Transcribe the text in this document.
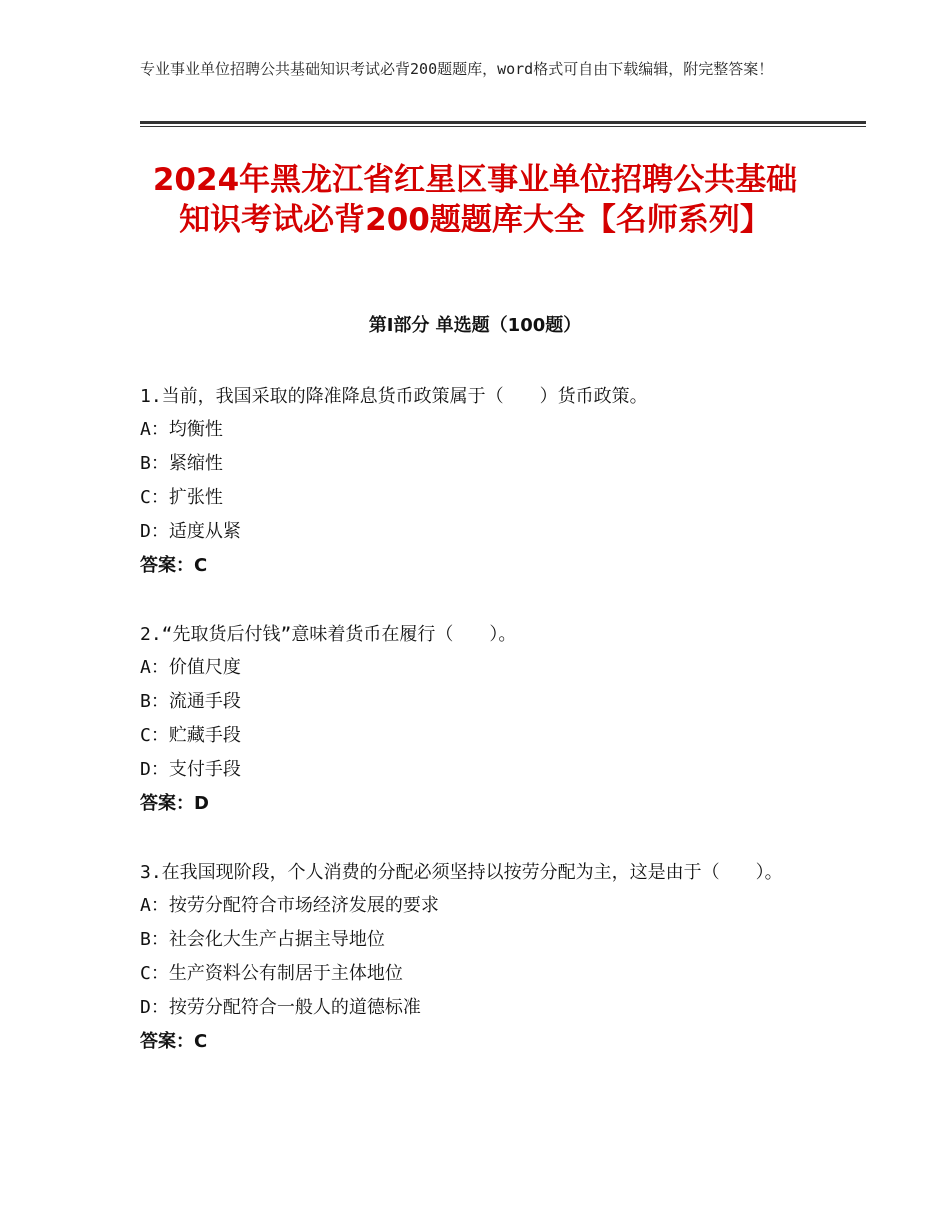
专业事业单位招聘公共基础知识考试必背200题题库，word格式可自由下载编辑，附完整答案！
2024年黑龙江省红星区事业单位招聘公共基础知识考试必背200题题库大全【名师系列】
第Ⅰ部分 单选题（100题）

1.当前，我国采取的降准降息货币政策属于（　　）货币政策。

A：均衡性

B：紧缩性

C：扩张性

D：适度从紧

答案：C

2.“先取货后付钱”意味着货币在履行（　　）。

A：价值尺度

B：流通手段

C：贮藏手段

D：支付手段

答案：D

3.在我国现阶段，个人消费的分配必须坚持以按劳分配为主，这是由于（　　）。

A：按劳分配符合市场经济发展的要求

B：社会化大生产占据主导地位

C：生产资料公有制居于主体地位

D：按劳分配符合一般人的道德标准

答案：C
